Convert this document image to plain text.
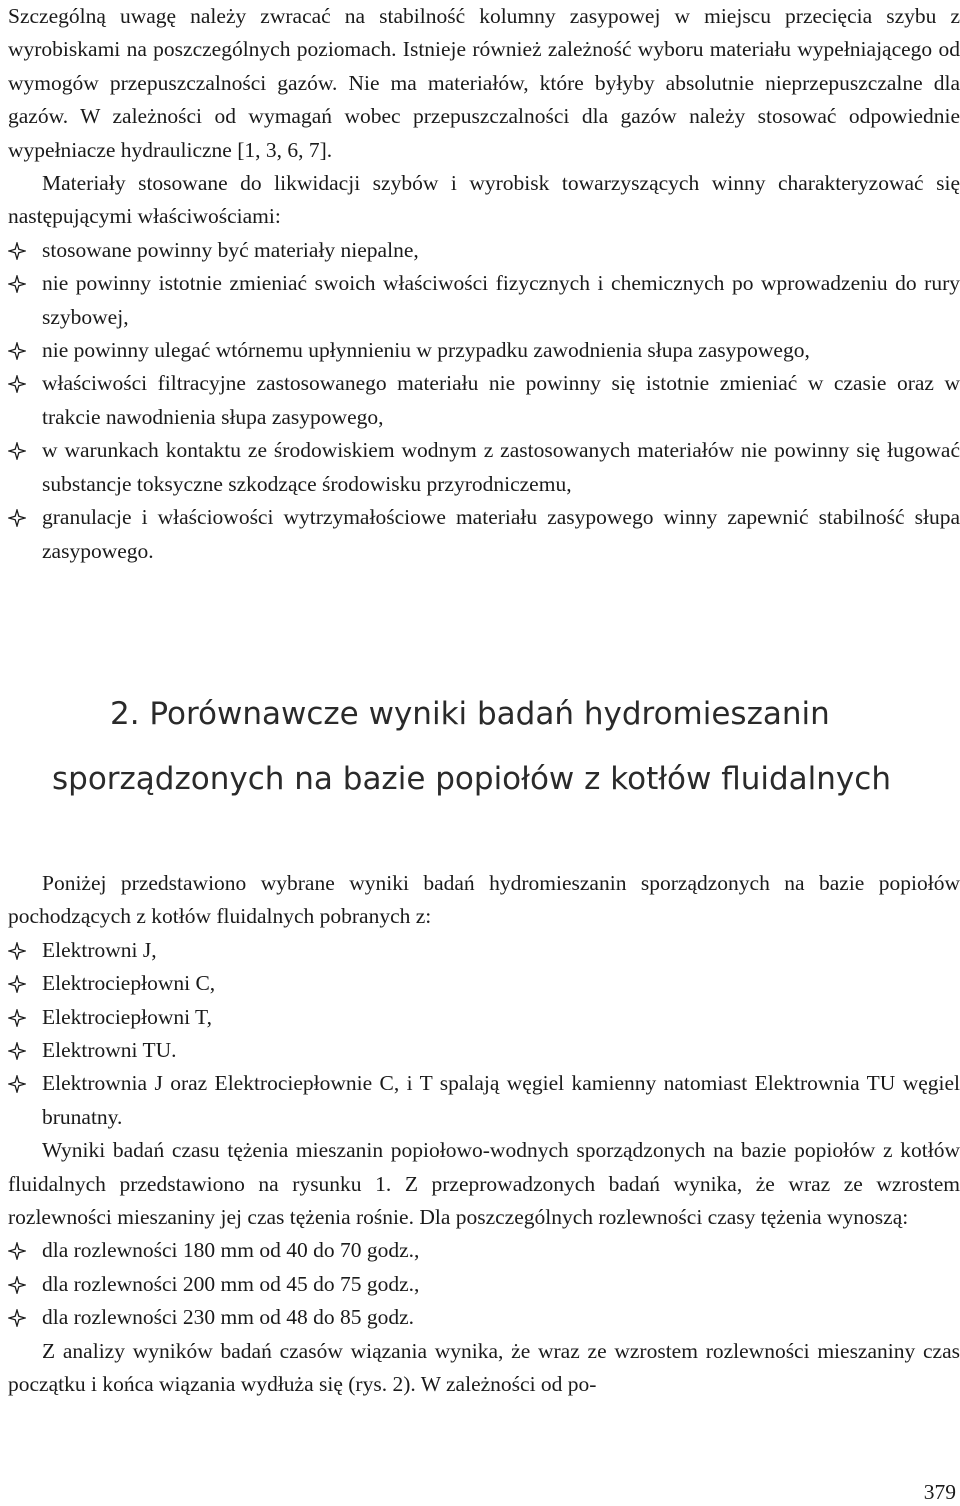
Szczególną uwagę należy zwracać na stabilność kolumny zasypowej w miejscu przecięcia szybu z wyrobiskami na poszczególnych poziomach. Istnieje również zależność wyboru materiału wypełniającego od wymogów przepuszczalności gazów. Nie ma materiałów, które byłyby absolutnie nieprzepuszczalne dla gazów. W zależności od wymagań wobec przepuszczalności dla gazów należy stosować odpowiednie wypełniacze hydrauliczne [1, 3, 6, 7].

Materiały stosowane do likwidacji szybów i wyrobisk towarzyszących winny charakteryzować się następującymi właściwościami:

stosowane powinny być materiały niepalne,
nie powinny istotnie zmieniać swoich właściwości fizycznych i chemicznych po wprowadzeniu do rury szybowej,
nie powinny ulegać wtórnemu upłynnieniu w przypadku zawodnienia słupa zasypowego,
właściwości filtracyjne zastosowanego materiału nie powinny się istotnie zmieniać w czasie oraz w trakcie nawodnienia słupa zasypowego,
w warunkach kontaktu ze środowiskiem wodnym z zastosowanych materiałów nie powinny się ługować substancje toksyczne szkodzące środowisku przyrodniczemu,
granulacje i właściowości wytrzymałościowe materiału zasypowego winny zapewnić stabilność słupa zasypowego.
2. Porównawcze wyniki badań hydromieszanin
sporządzonych na bazie popiołów z kotłów fluidalnych

Poniżej przedstawiono wybrane wyniki badań hydromieszanin sporządzonych na bazie popiołów pochodzących z kotłów fluidalnych pobranych z:

Elektrowni J,
Elektrociepłowni C,
Elektrociepłowni T,
Elektrowni TU.
Elektrownia J oraz Elektrociepłownie C, i T spalają węgiel kamienny natomiast Elektrownia TU węgiel brunatny.

Wyniki badań czasu tężenia mieszanin popiołowo-wodnych sporządzonych na bazie popiołów z kotłów fluidalnych przedstawiono na rysunku 1. Z przeprowadzonych badań wynika, że wraz ze wzrostem rozlewności mieszaniny jej czas tężenia rośnie. Dla poszczególnych rozlewności czasy tężenia wynoszą:

dla rozlewności 180 mm od 40 do 70 godz.,
dla rozlewności 200 mm od 45 do 75 godz.,
dla rozlewności 230 mm od 48 do 85 godz.

Z analizy wyników badań czasów wiązania wynika, że wraz ze wzrostem rozlewności mieszaniny czas początku i końca wiązania wydłuża się (rys. 2). W zależności od po-

379
